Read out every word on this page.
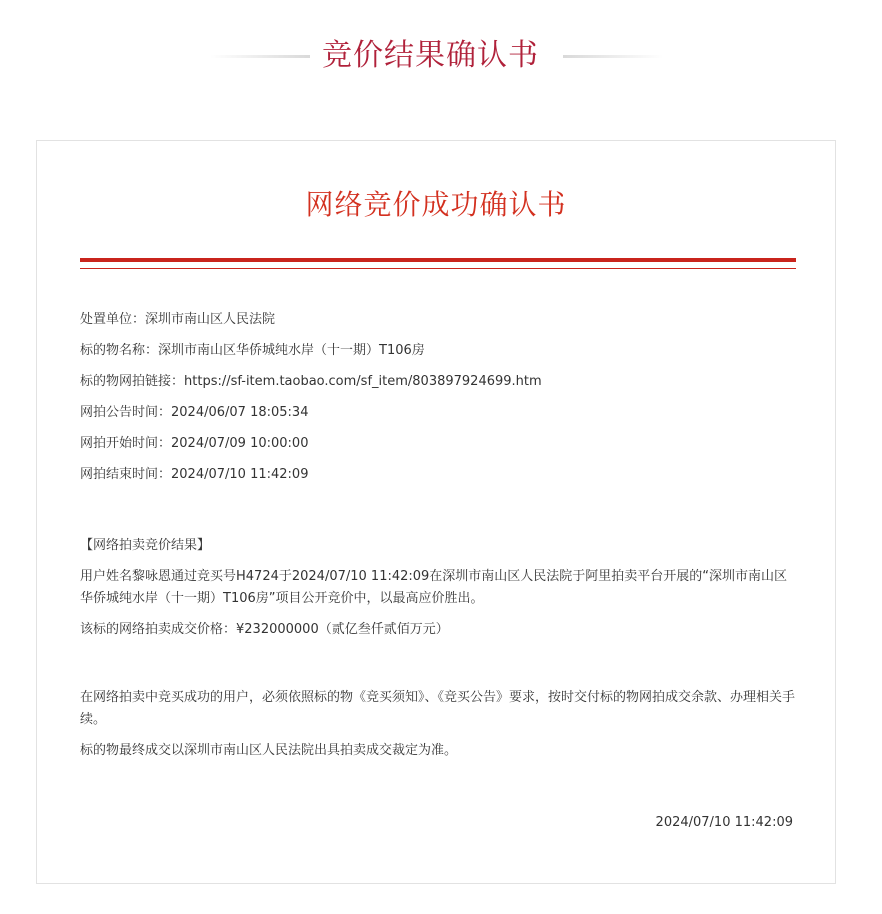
竞价结果确认书
网络竞价成功确认书
处置单位：深圳市南山区人民法院
标的物名称：深圳市南山区华侨城纯水岸（十一期）T106房
标的物网拍链接：https://sf-item.taobao.com/sf_item/803897924699.htm
网拍公告时间：2024/06/07 18:05:34
网拍开始时间：2024/07/09 10:00:00
网拍结束时间：2024/07/10 11:42:09

【网络拍卖竞价结果】

用户姓名黎咏恩通过竞买号H4724于2024/07/10 11:42:09在深圳市南山区人民法院于阿里拍卖平台开展的“深圳市南山区华侨城纯水岸（十一期）T106房”项目公开竞价中，以最高应价胜出。

该标的网络拍卖成交价格：¥232000000（贰亿叁仟贰佰万元）

在网络拍卖中竞买成功的用户，必须依照标的物《竞买须知》、《竞买公告》要求，按时交付标的物网拍成交余款、办理相关手续。

标的物最终成交以深圳市南山区人民法院出具拍卖成交裁定为准。

2024/07/10 11:42:09
